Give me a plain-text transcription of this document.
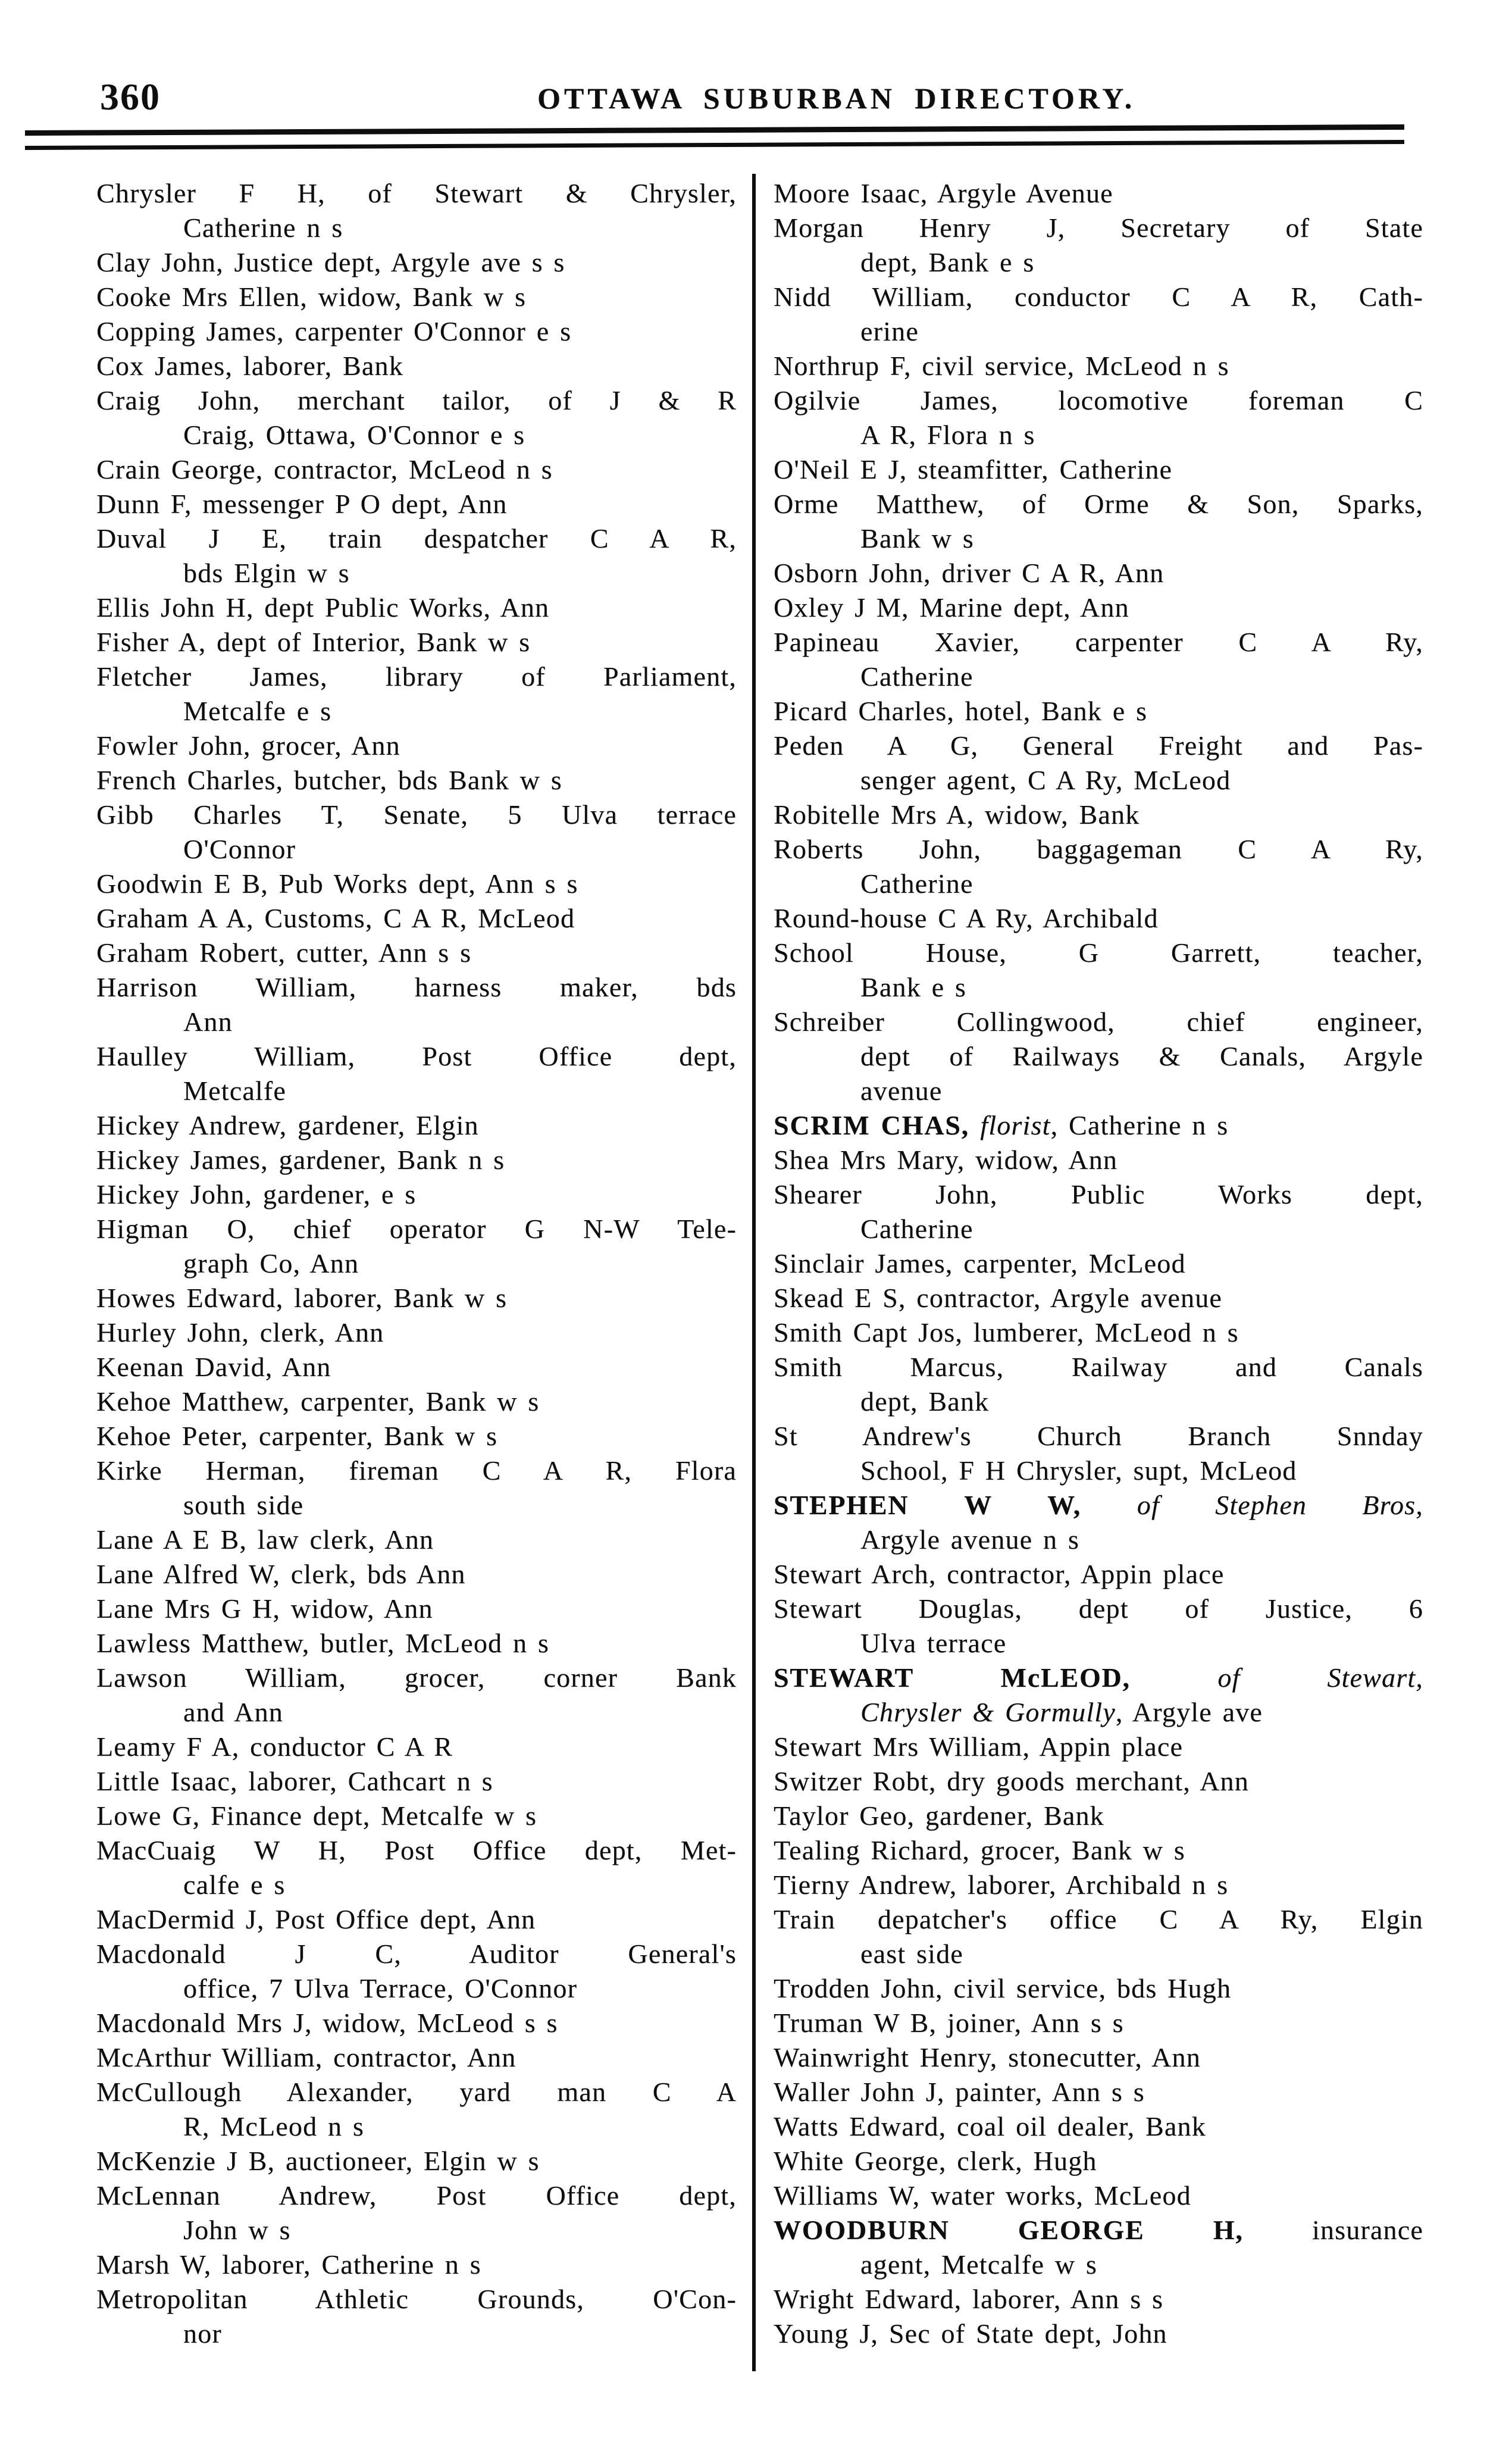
360	OTTAWA SUBURBAN DIRECTORY.
Chrysler F H, of Stewart & Chrysler,
Catherine n s
Clay John, Justice dept, Argyle ave s s
Cooke Mrs Ellen, widow, Bank w s
Copping James, carpenter O'Connor e s
Cox James, laborer, Bank
Craig John, merchant tailor, of J & R
Craig, Ottawa, O'Connor e s
Crain George, contractor, McLeod n s
Dunn F, messenger P O dept, Ann
Duval J E, train despatcher C A R,
bds Elgin w s
Ellis John H, dept Public Works, Ann
Fisher A, dept of Interior, Bank w s
Fletcher James, library of Parliament,
Metcalfe e s
Fowler John, grocer, Ann
French Charles, butcher, bds Bank w s
Gibb Charles T, Senate, 5 Ulva terrace
O'Connor
Goodwin E B, Pub Works dept, Ann s s
Graham A A, Customs, C A R, McLeod
Graham Robert, cutter, Ann s s
Harrison William, harness maker, bds
Ann
Haulley William, Post Office dept,
Metcalfe
Hickey Andrew, gardener, Elgin
Hickey James, gardener, Bank n s
Hickey John, gardener, e s
Higman O, chief operator G N-W Tele-
graph Co, Ann
Howes Edward, laborer, Bank w s
Hurley John, clerk, Ann
Keenan David, Ann
Kehoe Matthew, carpenter, Bank w s
Kehoe Peter, carpenter, Bank w s
Kirke Herman, fireman C A R, Flora
south side
Lane A E B, law clerk, Ann
Lane Alfred W, clerk, bds Ann
Lane Mrs G H, widow, Ann
Lawless Matthew, butler, McLeod n s
Lawson William, grocer, corner Bank
and Ann
Leamy F A, conductor C A R
Little Isaac, laborer, Cathcart n s
Lowe G, Finance dept, Metcalfe w s
MacCuaig W H, Post Office dept, Met-
calfe e s
MacDermid J, Post Office dept, Ann
Macdonald J C, Auditor General's
office, 7 Ulva Terrace, O'Connor
Macdonald Mrs J, widow, McLeod s s
McArthur William, contractor, Ann
McCullough Alexander, yard man C A
R, McLeod n s
McKenzie J B, auctioneer, Elgin w s
McLennan Andrew, Post Office dept,
John w s
Marsh W, laborer, Catherine n s
Metropolitan Athletic Grounds, O'Con-
nor
Moore Isaac, Argyle Avenue
Morgan Henry J, Secretary of State
dept, Bank e s
Nidd William, conductor C A R, Cath-
erine
Northrup F, civil service, McLeod n s
Ogilvie James, locomotive foreman C
A R, Flora n s
O'Neil E J, steamfitter, Catherine
Orme Matthew, of Orme & Son, Sparks,
Bank w s
Osborn John, driver C A R, Ann
Oxley J M, Marine dept, Ann
Papineau Xavier, carpenter C A Ry,
Catherine
Picard Charles, hotel, Bank e s
Peden A G, General Freight and Pas-
senger agent, C A Ry, McLeod
Robitelle Mrs A, widow, Bank
Roberts John, baggageman C A Ry,
Catherine
Round-house C A Ry, Archibald
School House, G Garrett, teacher,
Bank e s
Schreiber Collingwood, chief engineer,
dept of Railways & Canals, Argyle
avenue
SCRIM CHAS, florist, Catherine n s
Shea Mrs Mary, widow, Ann
Shearer John, Public Works dept,
Catherine
Sinclair James, carpenter, McLeod
Skead E S, contractor, Argyle avenue
Smith Capt Jos, lumberer, McLeod n s
Smith Marcus, Railway and Canals
dept, Bank
St Andrew's Church Branch Snnday
School, F H Chrysler, supt, McLeod
STEPHEN W W, of Stephen Bros,
Argyle avenue n s
Stewart Arch, contractor, Appin place
Stewart Douglas, dept of Justice, 6
Ulva terrace
STEWART McLEOD, of Stewart,
Chrysler & Gormully, Argyle ave
Stewart Mrs William, Appin place
Switzer Robt, dry goods merchant, Ann
Taylor Geo, gardener, Bank
Tealing Richard, grocer, Bank w s
Tierny Andrew, laborer, Archibald n s
Train depatcher's office C A Ry, Elgin
east side
Trodden John, civil service, bds Hugh
Truman W B, joiner, Ann s s
Wainwright Henry, stonecutter, Ann
Waller John J, painter, Ann s s
Watts Edward, coal oil dealer, Bank
White George, clerk, Hugh
Williams W, water works, McLeod
WOODBURN GEORGE H, insurance
agent, Metcalfe w s
Wright Edward, laborer, Ann s s
Young J, Sec of State dept, John
